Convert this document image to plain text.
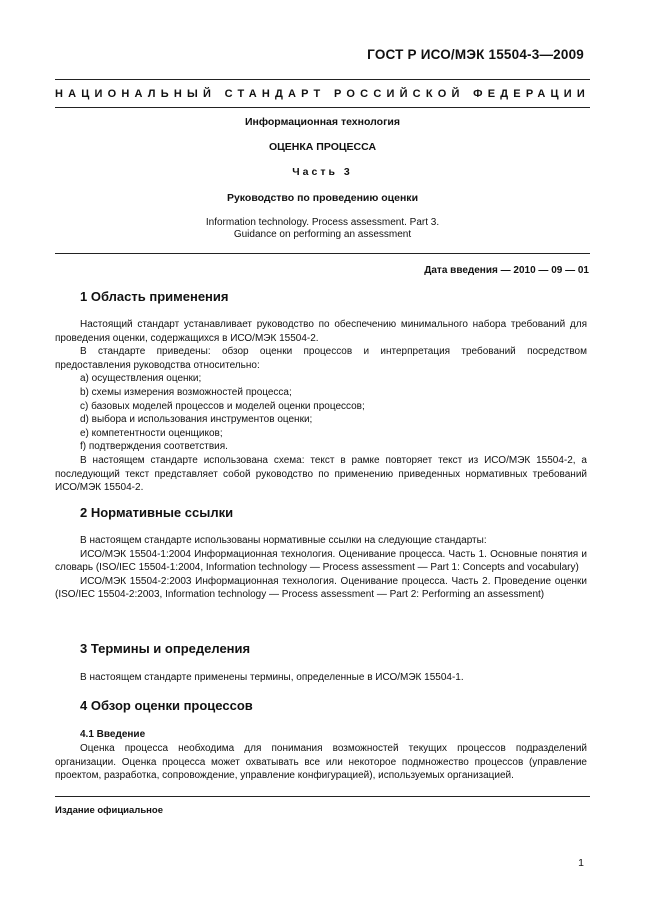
ГОСТ Р ИСО/МЭК 15504-3—2009
НАЦИОНАЛЬНЫЙ СТАНДАРТ РОССИЙСКОЙ ФЕДЕРАЦИИ
Информационная технология
ОЦЕНКА ПРОЦЕССА
Часть 3
Руководство по проведению оценки
Information technology. Process assessment. Part 3.
Guidance on performing an assessment
Дата введения — 2010 — 09 — 01
1 Область применения

Настоящий стандарт устанавливает руководство по обеспечению минимального набора требований для проведения оценки, содержащихся в ИСО/МЭК 15504-2.

В стандарте приведены: обзор оценки процессов и интерпретация требований посредством предоставления руководства относительно:

a) осуществления оценки;

b) схемы измерения возможностей процесса;

c) базовых моделей процессов и моделей оценки процессов;

d) выбора и использования инструментов оценки;

e) компетентности оценщиков;

f) подтверждения соответствия.

В настоящем стандарте использована схема: текст в рамке повторяет текст из ИСО/МЭК 15504-2, а последующий текст представляет собой руководство по применению приведенных нормативных требований ИСО/МЭК 15504-2.

2 Нормативные ссылки

В настоящем стандарте использованы нормативные ссылки на следующие стандарты:

ИСО/МЭК 15504-1:2004 Информационная технология. Оценивание процесса. Часть 1. Основные понятия и словарь (ISO/IEC 15504-1:2004, Information technology — Process assessment — Part 1: Concepts and vocabulary)

ИСО/МЭК 15504-2:2003 Информационная технология. Оценивание процесса. Часть 2. Проведение оценки (ISO/IEC 15504-2:2003, Information technology — Process assessment — Part 2: Performing an assessment)

3 Термины и определения

В настоящем стандарте применены термины, определенные в ИСО/МЭК 15504-1.

4 Обзор оценки процессов
4.1 Введение

Оценка процесса необходима для понимания возможностей текущих процессов подразделений организации. Оценка процесса может охватывать все или некоторое подмножество процессов (управление проектом, разработка, сопровождение, управление конфигурацией), используемых организацией.

Издание официальное
1
